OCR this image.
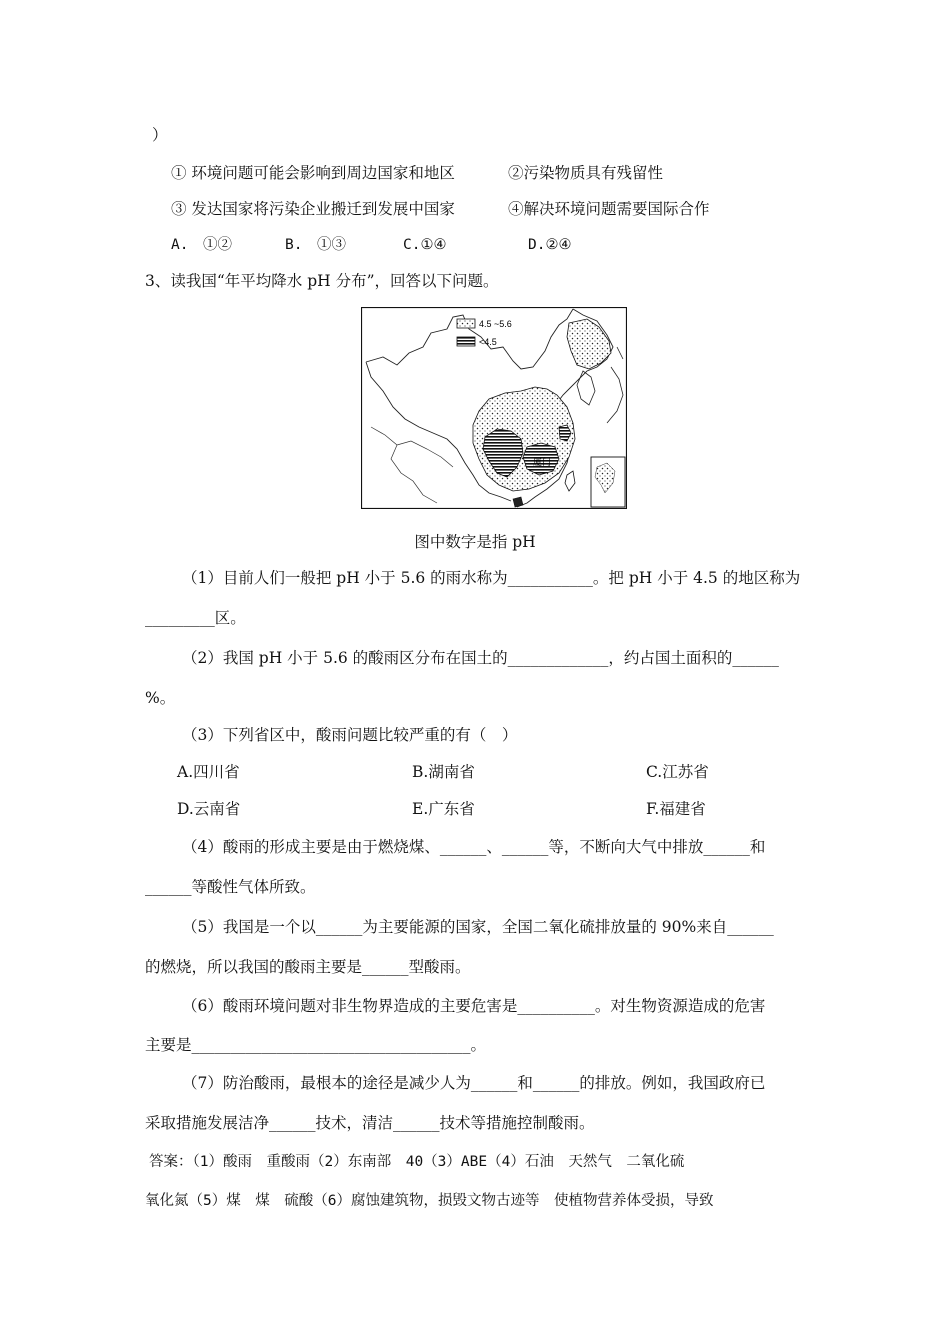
）
① 环境问题可能会影响到周边国家和地区	②污染物质具有残留性
③ 发达国家将污染企业搬迁到发展中国家	④解决环境问题需要国际合作
A.　①②	B.　①③	C.①④	D.②④
3、读我国“年平均降水 pH 分布”，回答以下问题。
厦门
4.5 ~5.6
<4.5
图中数字是指 pH
（1）目前人们一般把 pH 小于 5.6 的雨水称为___________。把 pH 小于 4.5 的地区称为
_________区。
（2）我国 pH 小于 5.6 的酸雨区分布在国土的_____________，约占国土面积的______
%。
（3）下列省区中，酸雨问题比较严重的有（　）
A.四川省	B.湖南省	C.江苏省
D.云南省	E.广东省	F.福建省
（4）酸雨的形成主要是由于燃烧煤、______、______等，不断向大气中排放______和
______等酸性气体所致。
（5）我国是一个以______为主要能源的国家，全国二氧化硫排放量的 90%来自______
的燃烧，所以我国的酸雨主要是______型酸雨。
（6）酸雨环境问题对非生物界造成的主要危害是__________。对生物资源造成的危害
主要是____________________________________。
（7）防治酸雨，最根本的途径是减少人为______和______的排放。例如，我国政府已
采取措施发展洁净______技术，清洁______技术等措施控制酸雨。
答案：（1）酸雨　重酸雨（2）东南部　40（3）ABE（4）石油　天然气　二氧化硫
氧化氮（5）煤　煤　硫酸（6）腐蚀建筑物，损毁文物古迹等　使植物营养体受损，导致
